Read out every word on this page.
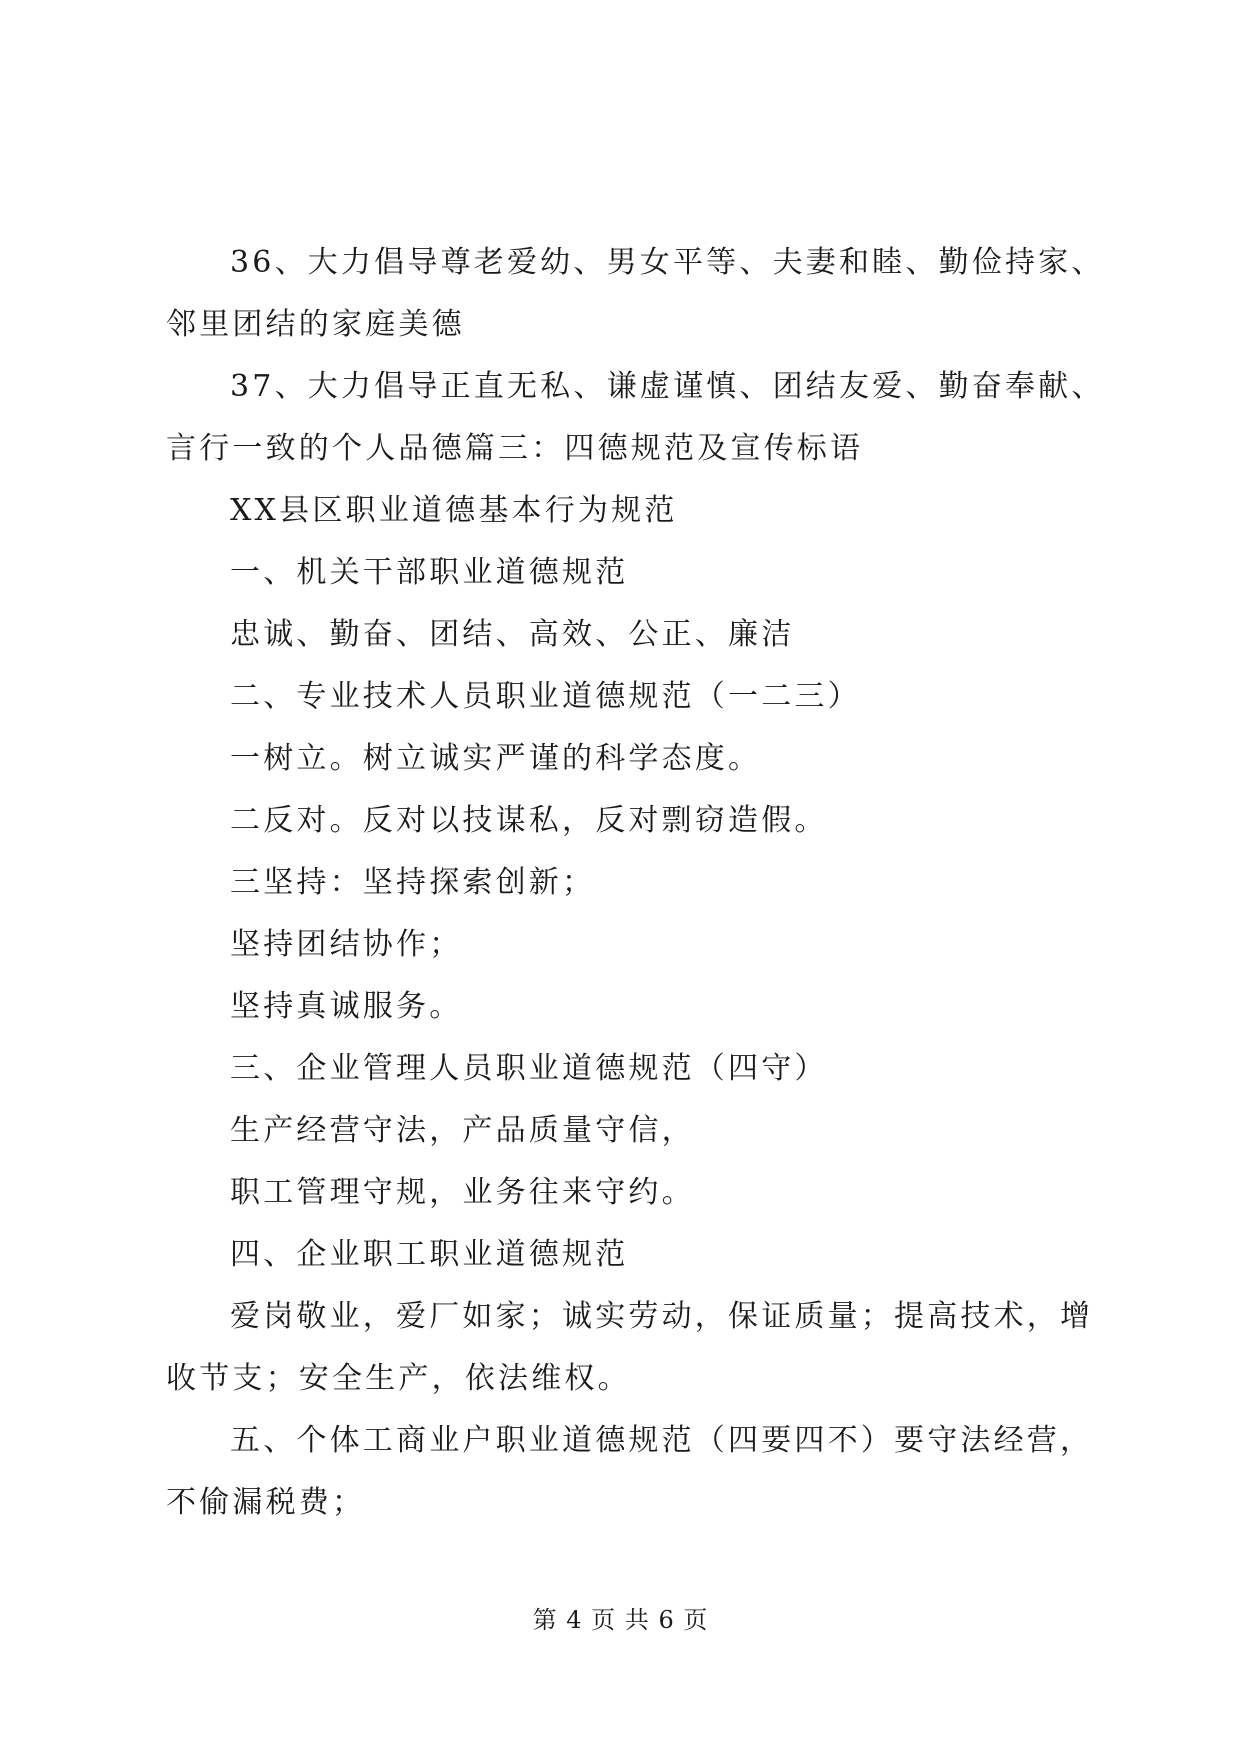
36、大力倡导尊老爱幼、男女平等、夫妻和睦、勤俭持家、邻里团结的家庭美德

37、大力倡导正直无私、谦虚谨慎、团结友爱、勤奋奉献、言行一致的个人品德篇三：四德规范及宣传标语

XX县区职业道德基本行为规范

一、机关干部职业道德规范

忠诚、勤奋、团结、高效、公正、廉洁

二、专业技术人员职业道德规范（一二三）

一树立。树立诚实严谨的科学态度。

二反对。反对以技谋私，反对剽窃造假。

三坚持：坚持探索创新；

坚持团结协作；

坚持真诚服务。

三、企业管理人员职业道德规范（四守）

生产经营守法，产品质量守信，

职工管理守规，业务往来守约。

四、企业职工职业道德规范

爱岗敬业，爱厂如家；诚实劳动，保证质量；提高技术，增收节支；安全生产，依法维权。

五、个体工商业户职业道德规范（四要四不）要守法经营，不偷漏税费；

第 4 页 共 6 页
